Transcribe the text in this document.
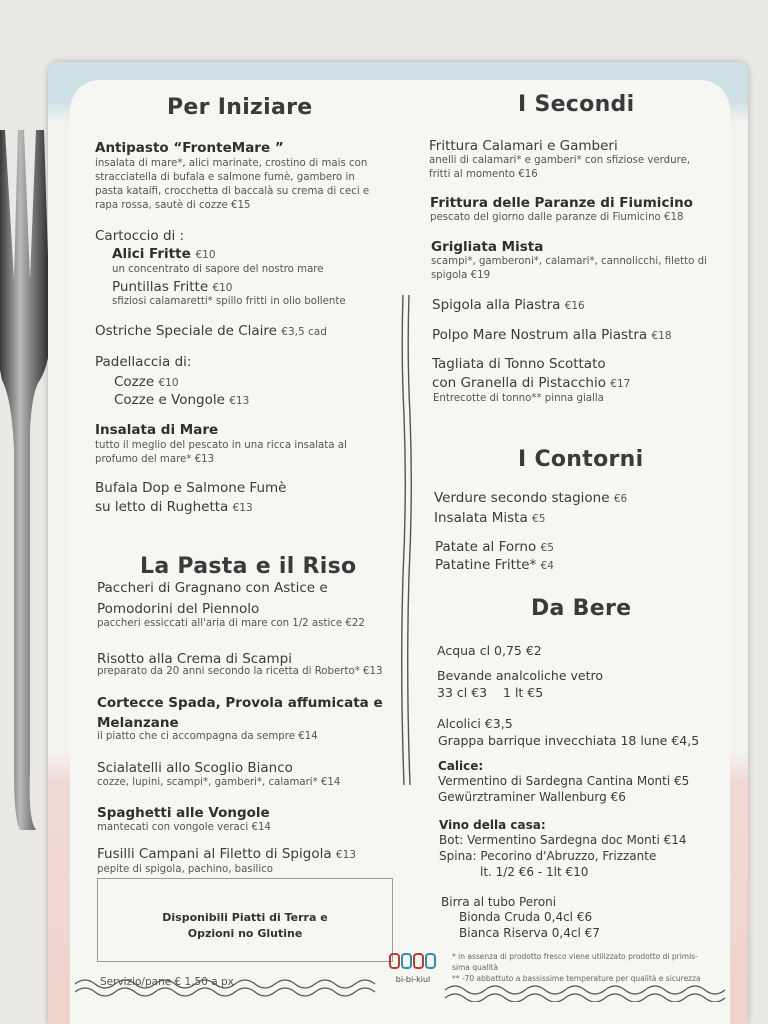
Per Iniziare
Antipasto “FronteMare ”
insalata di mare*, alici marinate, crostino di mais con
stracciatella di bufala e salmone fumè, gambero in
pasta kataifi, crocchetta di baccalà su crema di ceci e
rapa rossa, sautè di cozze €15
Cartoccio di :
Alici Fritte €10
un concentrato di sapore del nostro mare
Puntillas Fritte €10
sfiziosi calamaretti* spillo fritti in olio bollente
Ostriche Speciale de Claire €3,5 cad
Padellaccia di:
Cozze €10
Cozze e Vongole €13
Insalata di Mare
tutto il meglio del pescato in una ricca insalata al
profumo del mare* €13
Bufala Dop e Salmone Fumè
su letto di Rughetta €13
La Pasta e il Riso
Paccheri di Gragnano con Astice e
Pomodorini del Piennolo
paccheri essiccati all'aria di mare con 1/2 astice €22
Risotto alla Crema di Scampi
preparato da 20 anni secondo la ricetta di Roberto* €13
Cortecce Spada, Provola affumicata e
Melanzane
il piatto che ci accompagna da sempre €14
Scialatelli allo Scoglio Bianco
cozze, lupini, scampi*, gamberi*, calamari* €14
Spaghetti alle Vongole
mantecati con vongole veraci €14
Fusilli Campani al Filetto di Spigola €13
pepite di spigola, pachino, basilico
Disponibili Piatti di Terra e
Opzioni no Glutine
Servizio/pane € 1,50 a px
I Secondi
Frittura Calamari e Gamberi
anelli di calamari* e gamberi* con sfiziose verdure,
fritti al momento €16
Frittura delle Paranze di Fiumicino
pescato del giorno dalle paranze di Fiumicino €18
Grigliata Mista
scampi*, gamberoni*, calamari*, cannolicchi, filetto di
spigola €19
Spigola alla Piastra €16
Polpo Mare Nostrum alla Piastra €18
Tagliata di Tonno Scottato
con Granella di Pistacchio €17
Entrecotte di tonno** pinna gialla
I Contorni
Verdure secondo stagione €6
Insalata Mista €5
Patate al Forno €5
Patatine Fritte* €4
Da Bere
Acqua cl 0,75 €2
Bevande analcoliche vetro
33 cl €3 1 lt €5
Alcolici €3,5
Grappa barrique invecchiata 18 lune €4,5
Calice:
Vermentino di Sardegna Cantina Monti €5
Gewürztraminer Wallenburg €6
Vino della casa:
Bot: Vermentino Sardegna doc Monti €14
Spina: Pecorino d'Abruzzo, Frizzante
lt. 1/2 €6 - 1lt €10
Birra al tubo Peroni
Bionda Cruda 0,4cl €6
Bianca Riserva 0,4cl €7
* in assenza di prodotto fresco viene utilizzato prodotto di primis-
sima qualità
** -70 abbattuto a bassissime temperature per qualità e sicurezza
bi-bi-kiul
